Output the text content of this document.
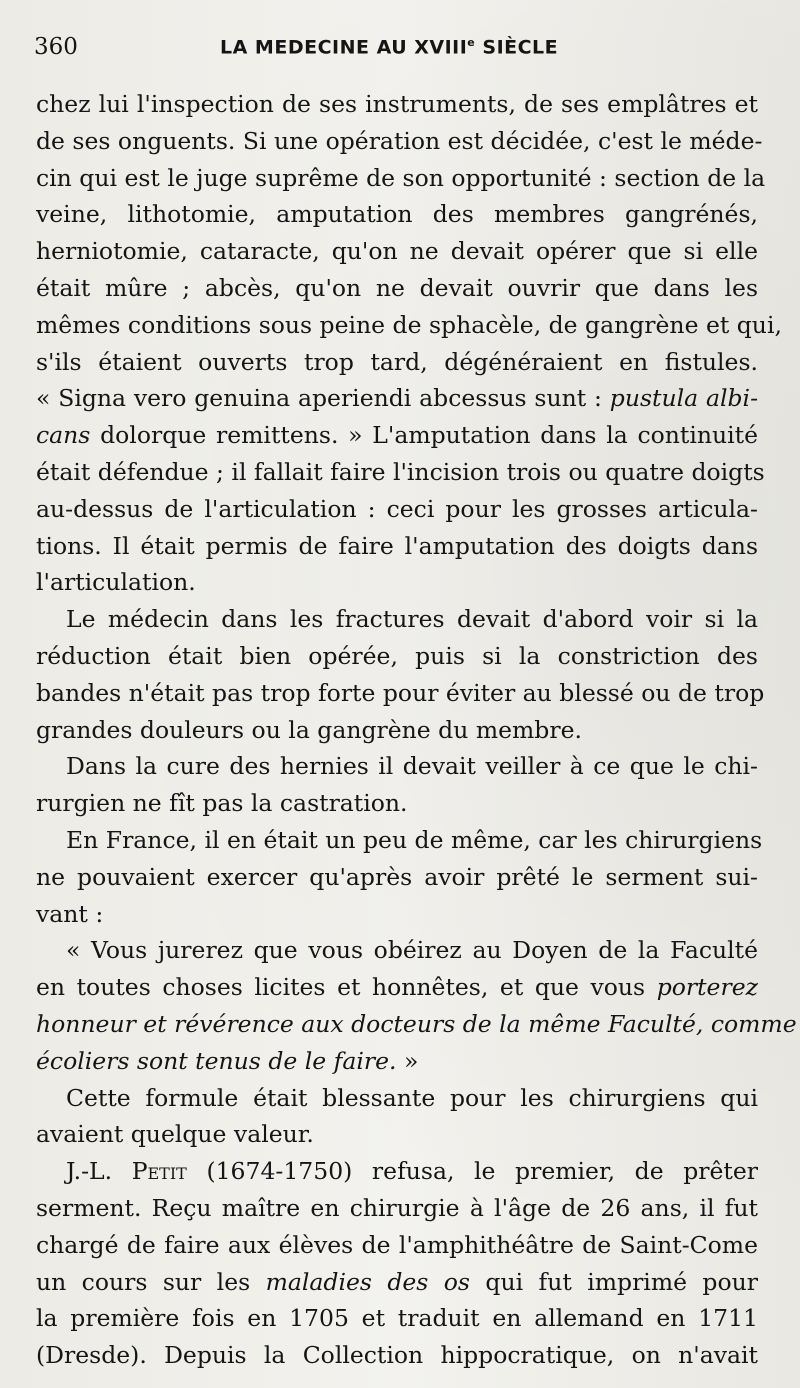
360	LA MEDECINE AU XVIIIe SIÈCLE
chez lui l'inspection de ses instruments, de ses emplâtres et
de ses onguents. Si une opération est décidée, c'est le méde-
cin qui est le juge suprême de son opportunité : section de la
veine, lithotomie, amputation des membres gangrénés,
herniotomie, cataracte, qu'on ne devait opérer que si elle
était mûre ; abcès, qu'on ne devait ouvrir que dans les
mêmes conditions sous peine de sphacèle, de gangrène et qui,
s'ils étaient ouverts trop tard, dégénéraient en fistules.
« Signa vero genuina aperiendi abcessus sunt : pustula albi-
cans dolorque remittens. » L'amputation dans la continuité
était défendue ; il fallait faire l'incision trois ou quatre doigts
au-dessus de l'articulation : ceci pour les grosses articula-
tions. Il était permis de faire l'amputation des doigts dans
l'articulation.
Le médecin dans les fractures devait d'abord voir si la
réduction était bien opérée, puis si la constriction des
bandes n'était pas trop forte pour éviter au blessé ou de trop
grandes douleurs ou la gangrène du membre.
Dans la cure des hernies il devait veiller à ce que le chi-
rurgien ne fît pas la castration.
En France, il en était un peu de même, car les chirurgiens
ne pouvaient exercer qu'après avoir prêté le serment sui-
vant :
« Vous jurerez que vous obéirez au Doyen de la Faculté
en toutes choses licites et honnêtes, et que vous porterez
honneur et révérence aux docteurs de la même Faculté, comme
écoliers sont tenus de le faire. »
Cette formule était blessante pour les chirurgiens qui
avaient quelque valeur.
J.-L. Petit (1674-1750) refusa, le premier, de prêter
serment. Reçu maître en chirurgie à l'âge de 26 ans, il fut
chargé de faire aux élèves de l'amphithéâtre de Saint-Come
un cours sur les maladies des os qui fut imprimé pour
la première fois en 1705 et traduit en allemand en 1711
(Dresde). Depuis la Collection hippocratique, on n'avait
